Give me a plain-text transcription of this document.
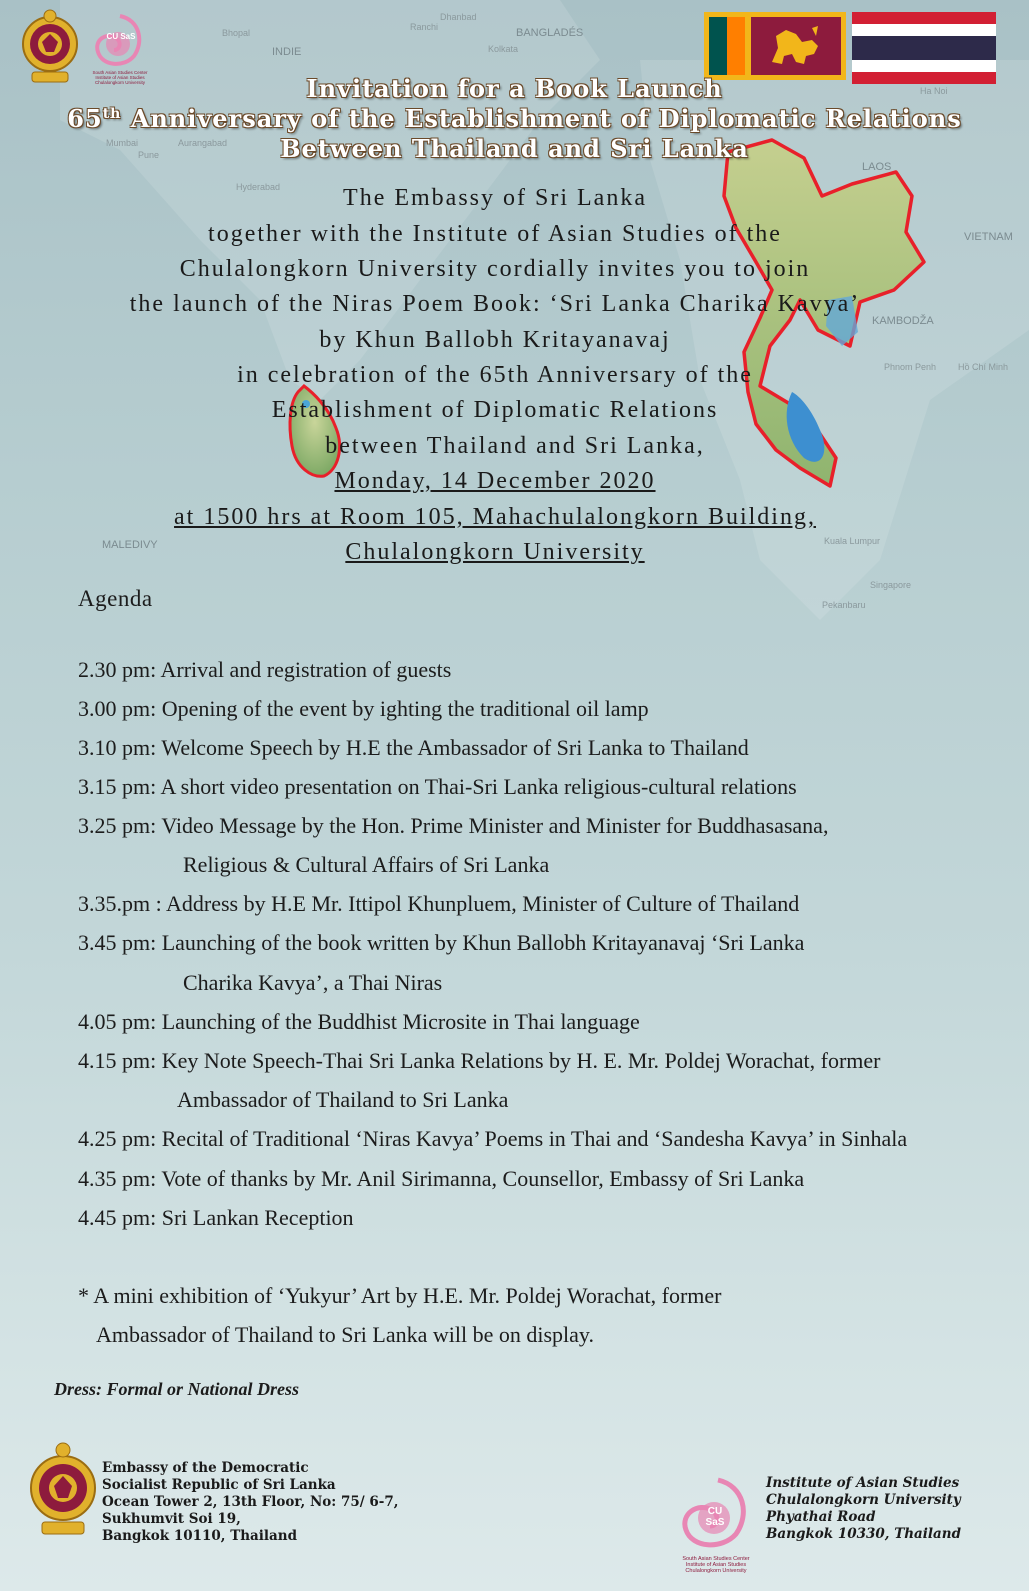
INDIE
BANGLADÉS
LAOS
VIETNAM
KAMBODŽA
MALEDIVY
Bhopal
Ranchi
Dhanbad
Kolkata
Mumbai
Pune
Aurangabad
Hyderabad
Ha Noi
Phnom Penh Hồ Chí Minh
Kuala Lumpur
Singapore
Pekanbaru
CU SaS
South Asian Studies Center Institute of Asian Studies Chulalongkorn University	Invitation for a Book Launch
65th Anniversary of the Establishment of Diplomatic Relations
Between Thailand and Sri Lanka
The Embassy of Sri Lanka
together with the Institute of Asian Studies of the
Chulalongkorn University cordially invites you to join
the launch of the Niras Poem Book: ‘Sri Lanka Charika Kavya’
by Khun Ballobh Kritayanavaj
in celebration of the 65th Anniversary of the
Establishment of Diplomatic Relations
between Thailand and Sri Lanka,
Monday, 14 December 2020
at 1500 hrs at Room 105, Mahachulalongkorn Building,
Chulalongkorn University
Agenda
2.30 pm: Arrival and registration of guests
3.00 pm: Opening of the event by ighting the traditional oil lamp
3.10 pm: Welcome Speech by H.E the Ambassador of Sri Lanka to Thailand
3.15 pm: A short video presentation on Thai-Sri Lanka religious-cultural relations
3.25 pm: Video Message by the Hon. Prime Minister and Minister for Buddhasasana,
Religious & Cultural Affairs of Sri Lanka
3.35.pm : Address by H.E Mr. Ittipol Khunpluem, Minister of Culture of Thailand
3.45 pm: Launching of the book written by Khun Ballobh Kritayanavaj ‘Sri Lanka
Charika Kavya’, a Thai Niras
4.05 pm: Launching of the Buddhist Microsite in Thai language
4.15 pm: Key Note Speech-Thai Sri Lanka Relations by H. E. Mr. Poldej Worachat, former
Ambassador of Thailand to Sri Lanka
4.25 pm: Recital of Traditional ‘Niras Kavya’ Poems in Thai and ‘Sandesha Kavya’ in Sinhala
4.35 pm: Vote of thanks by Mr. Anil Sirimanna, Counsellor, Embassy of Sri Lanka
4.45 pm: Sri Lankan Reception
* A mini exhibition of ‘Yukyur’ Art by H.E. Mr. Poldej Worachat, former
Ambassador of Thailand to Sri Lanka will be on display.
Dress: Formal or National Dress
Embassy of the Democratic
Socialist Republic of Sri Lanka
Ocean Tower 2, 13th Floor, No: 75/ 6-7,
Sukhumvit Soi 19,
Bangkok 10110, Thailand
CU SaS
South Asian Studies Center Institute of Asian Studies Chulalongkorn University
Institute of Asian Studies
Chulalongkorn University
Phyathai Road
Bangkok 10330, Thailand
